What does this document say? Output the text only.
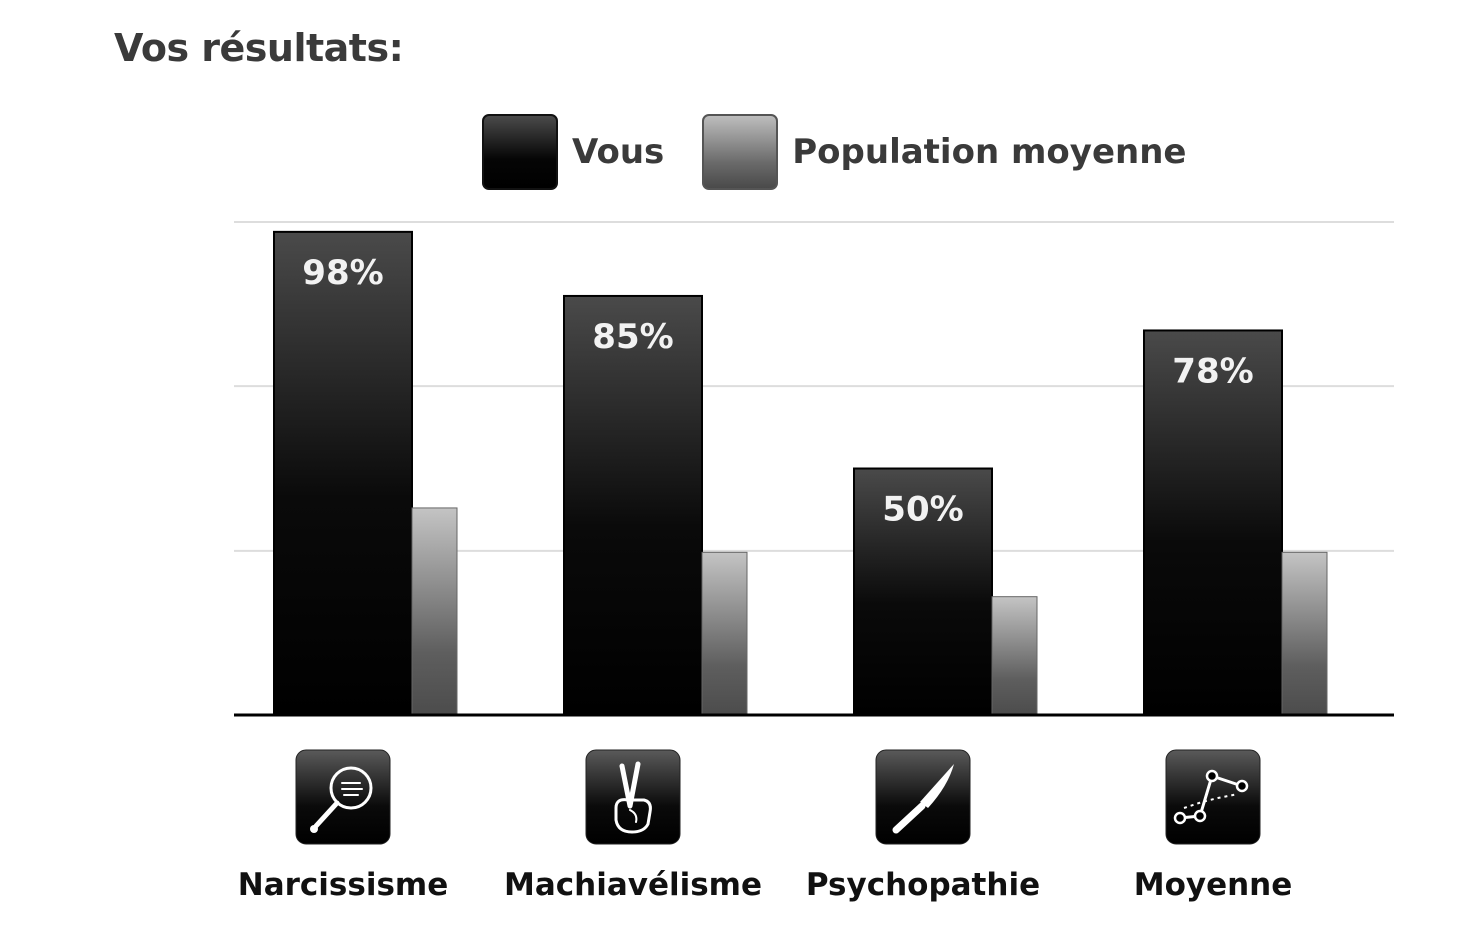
Vos résultats:
Vous	Population moyenne
98%
85%
50%
78%
Narcissisme Machiavélisme Psychopathie	Moyenne
